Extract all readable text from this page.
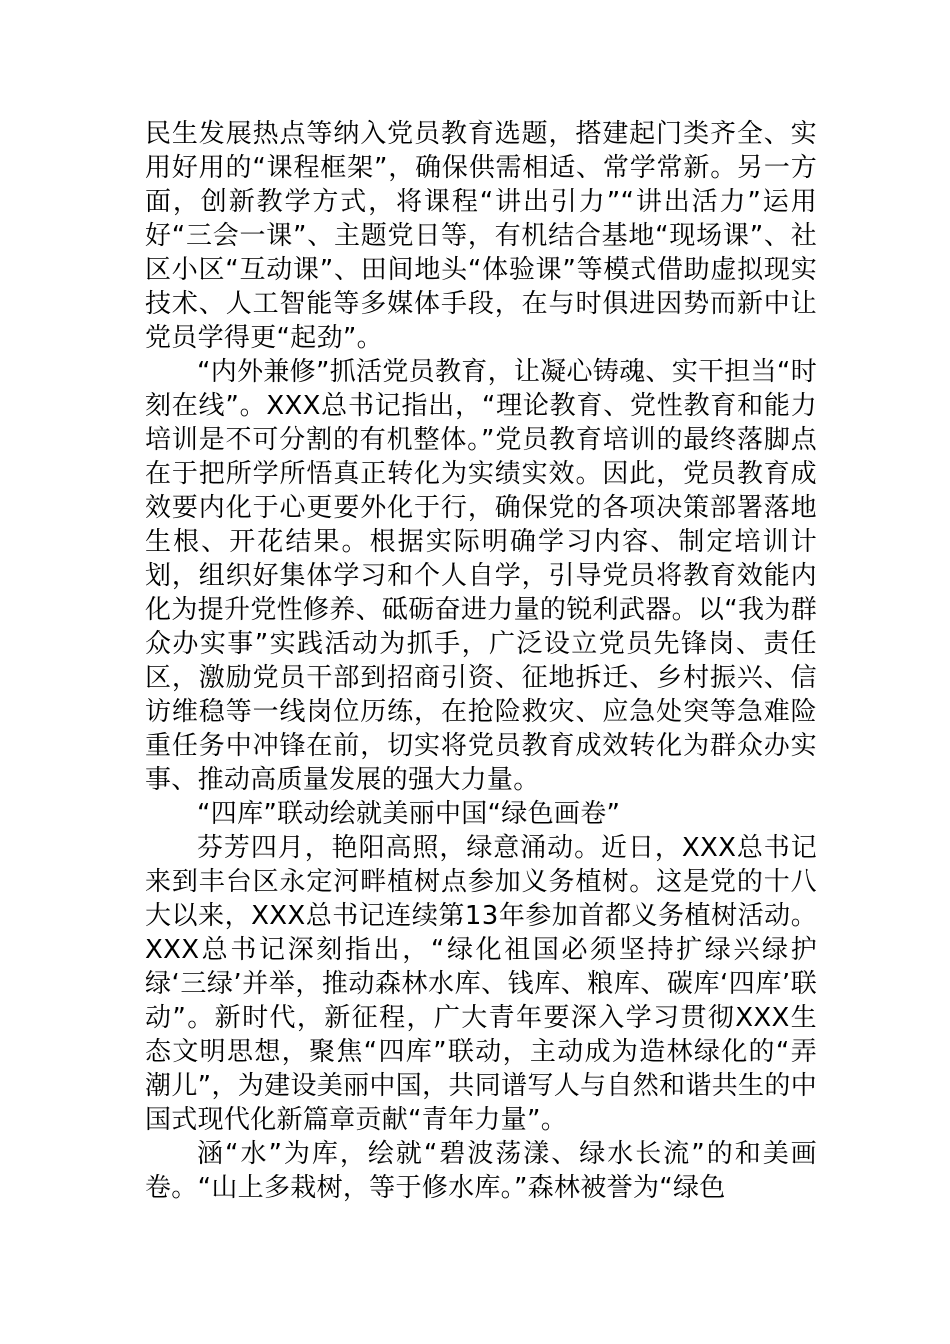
民生发展热点等纳入党员教育选题，搭建起门类齐全、实用好用的“课程框架”，确保供需相适、常学常新。另一方面，创新教学方式，将课程“讲出引力”“讲出活力”运用好“三会一课”、主题党日等，有机结合基地“现场课”、社区小区“互动课”、田间地头“体验课”等模式借助虚拟现实技术、人工智能等多媒体手段，在与时俱进因势而新中让党员学得更“起劲”。

“内外兼修”抓活党员教育，让凝心铸魂、实干担当“时刻在线”。XXX总书记指出，“理论教育、党性教育和能力培训是不可分割的有机整体。”党员教育培训的最终落脚点在于把所学所悟真正转化为实绩实效。因此，党员教育成效要内化于心更要外化于行，确保党的各项决策部署落地生根、开花结果。根据实际明确学习内容、制定培训计划，组织好集体学习和个人自学，引导党员将教育效能内化为提升党性修养、砥砺奋进力量的锐利武器。以“我为群众办实事”实践活动为抓手，广泛设立党员先锋岗、责任区，激励党员干部到招商引资、征地拆迁、乡村振兴、信访维稳等一线岗位历练，在抢险救灾、应急处突等急难险重任务中冲锋在前，切实将党员教育成效转化为群众办实事、推动高质量发展的强大力量。

“四库”联动绘就美丽中国“绿色画卷”

芬芳四月，艳阳高照，绿意涌动。近日，XXX总书记来到丰台区永定河畔植树点参加义务植树。这是党的十八大以来，XXX总书记连续第13年参加首都义务植树活动。XXX总书记深刻指出，“绿化祖国必须坚持扩绿兴绿护绿‘三绿’并举，推动森林水库、钱库、粮库、碳库‘四库’联动”。新时代，新征程，广大青年要深入学习贯彻XXX生态文明思想，聚焦“四库”联动，主动成为造林绿化的“弄潮儿”，为建设美丽中国，共同谱写人与自然和谐共生的中国式现代化新篇章贡献“青年力量”。

涵“水”为库，绘就“碧波荡漾、绿水长流”的和美画卷。“山上多栽树，等于修水库。”森林被誉为“绿色
